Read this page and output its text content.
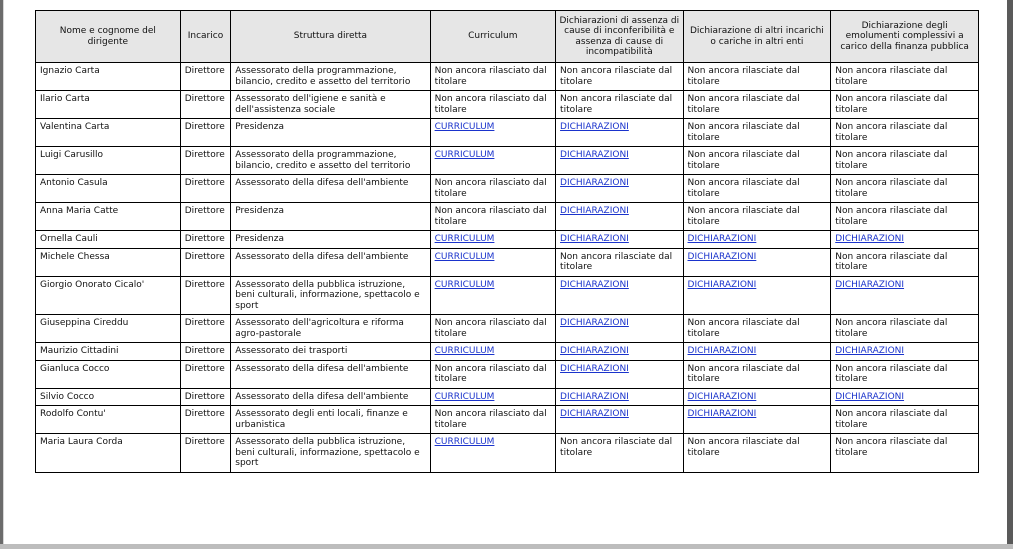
Nome e cognome del dirigente	Incarico	Struttura diretta	Curriculum	Dichiarazioni di assenza di cause di inconferibilità e assenza di cause di incompatibilità	Dichiarazione di altri incarichi o cariche in altri enti	Dichiarazione degli emolumenti complessivi a carico della finanza pubblica
Ignazio Carta	Direttore	Assessorato della programmazione, bilancio, credito e assetto del territorio	Non ancora rilasciato dal titolare	Non ancora rilasciate dal titolare	Non ancora rilasciate dal titolare	Non ancora rilasciate dal titolare
Ilario Carta	Direttore	Assessorato dell'igiene e sanità e dell'assistenza sociale	Non ancora rilasciato dal titolare	Non ancora rilasciate dal titolare	Non ancora rilasciate dal titolare	Non ancora rilasciate dal titolare
Valentina Carta	Direttore	Presidenza	CURRICULUM	DICHIARAZIONI	Non ancora rilasciate dal titolare	Non ancora rilasciate dal titolare
Luigi Carusillo	Direttore	Assessorato della programmazione, bilancio, credito e assetto del territorio	CURRICULUM	DICHIARAZIONI	Non ancora rilasciate dal titolare	Non ancora rilasciate dal titolare
Antonio Casula	Direttore	Assessorato della difesa dell'ambiente	Non ancora rilasciato dal titolare	DICHIARAZIONI	Non ancora rilasciate dal titolare	Non ancora rilasciate dal titolare
Anna Maria Catte	Direttore	Presidenza	Non ancora rilasciato dal titolare	DICHIARAZIONI	Non ancora rilasciate dal titolare	Non ancora rilasciate dal titolare
Ornella Cauli	Direttore	Presidenza	CURRICULUM	DICHIARAZIONI	DICHIARAZIONI	DICHIARAZIONI
Michele Chessa	Direttore	Assessorato della difesa dell'ambiente	CURRICULUM	Non ancora rilasciate dal titolare	DICHIARAZIONI	Non ancora rilasciate dal titolare
Giorgio Onorato Cicalo'	Direttore	Assessorato della pubblica istruzione, beni culturali, informazione, spettacolo e sport	CURRICULUM	DICHIARAZIONI	DICHIARAZIONI	DICHIARAZIONI
Giuseppina Cireddu	Direttore	Assessorato dell'agricoltura e riforma agro-pastorale	Non ancora rilasciato dal titolare	DICHIARAZIONI	Non ancora rilasciate dal titolare	Non ancora rilasciate dal titolare
Maurizio Cittadini	Direttore	Assessorato dei trasporti	CURRICULUM	DICHIARAZIONI	DICHIARAZIONI	DICHIARAZIONI
Gianluca Cocco	Direttore	Assessorato della difesa dell'ambiente	Non ancora rilasciato dal titolare	DICHIARAZIONI	Non ancora rilasciate dal titolare	Non ancora rilasciate dal titolare
Silvio Cocco	Direttore	Assessorato della difesa dell'ambiente	CURRICULUM	DICHIARAZIONI	DICHIARAZIONI	DICHIARAZIONI
Rodolfo Contu'	Direttore	Assessorato degli enti locali, finanze e urbanistica	Non ancora rilasciato dal titolare	DICHIARAZIONI	DICHIARAZIONI	Non ancora rilasciate dal titolare
Maria Laura Corda	Direttore	Assessorato della pubblica istruzione, beni culturali, informazione, spettacolo e sport	CURRICULUM	Non ancora rilasciate dal titolare	Non ancora rilasciate dal titolare	Non ancora rilasciate dal titolare
